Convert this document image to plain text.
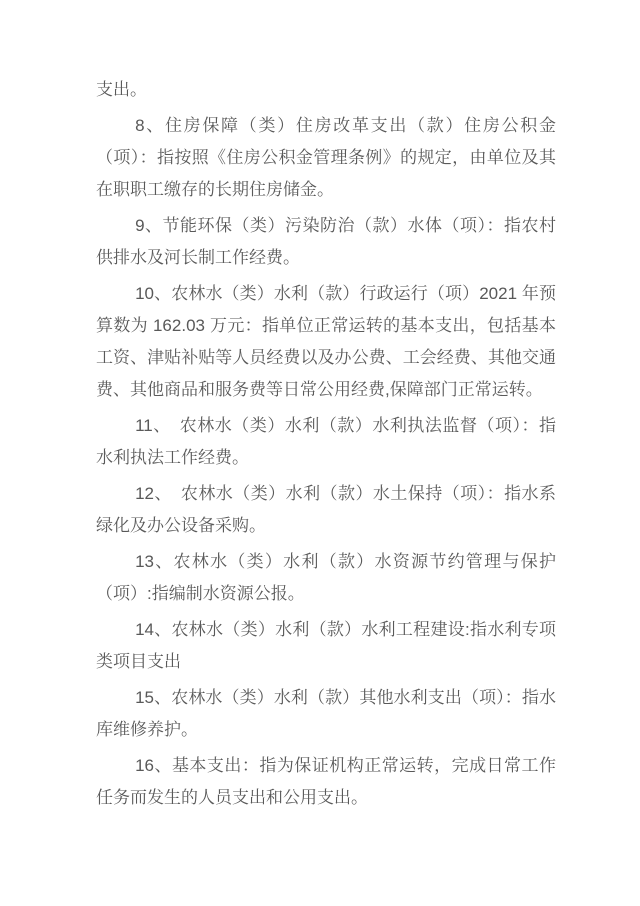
支出。

8、住房保障（类）住房改革支出（款）住房公积金（项）：指按照《住房公积金管理条例》的规定，由单位及其在职职工缴存的长期住房储金。

9、节能环保（类）污染防治（款）水体（项）：指农村供排水及河长制工作经费。

10、农林水（类）水利（款）行政运行（项）2021 年预算数为 162.03 万元：指单位正常运转的基本支出，包括基本工资、津贴补贴等人员经费以及办公费、工会经费、其他交通费、其他商品和服务费等日常公用经费,保障部门正常运转。

11、　农林水（类）水利（款）水利执法监督（项）：指水利执法工作经费。

12、　农林水（类）水利（款）水土保持（项）：指水系绿化及办公设备采购。

13、农林水（类）水利（款）水资源节约管理与保护（项）:指编制水资源公报。

14、农林水（类）水利（款）水利工程建设:指水利专项类项目支出

15、农林水（类）水利（款）其他水利支出（项）：指水库维修养护。

16、基本支出：指为保证机构正常运转，完成日常工作任务而发生的人员支出和公用支出。
